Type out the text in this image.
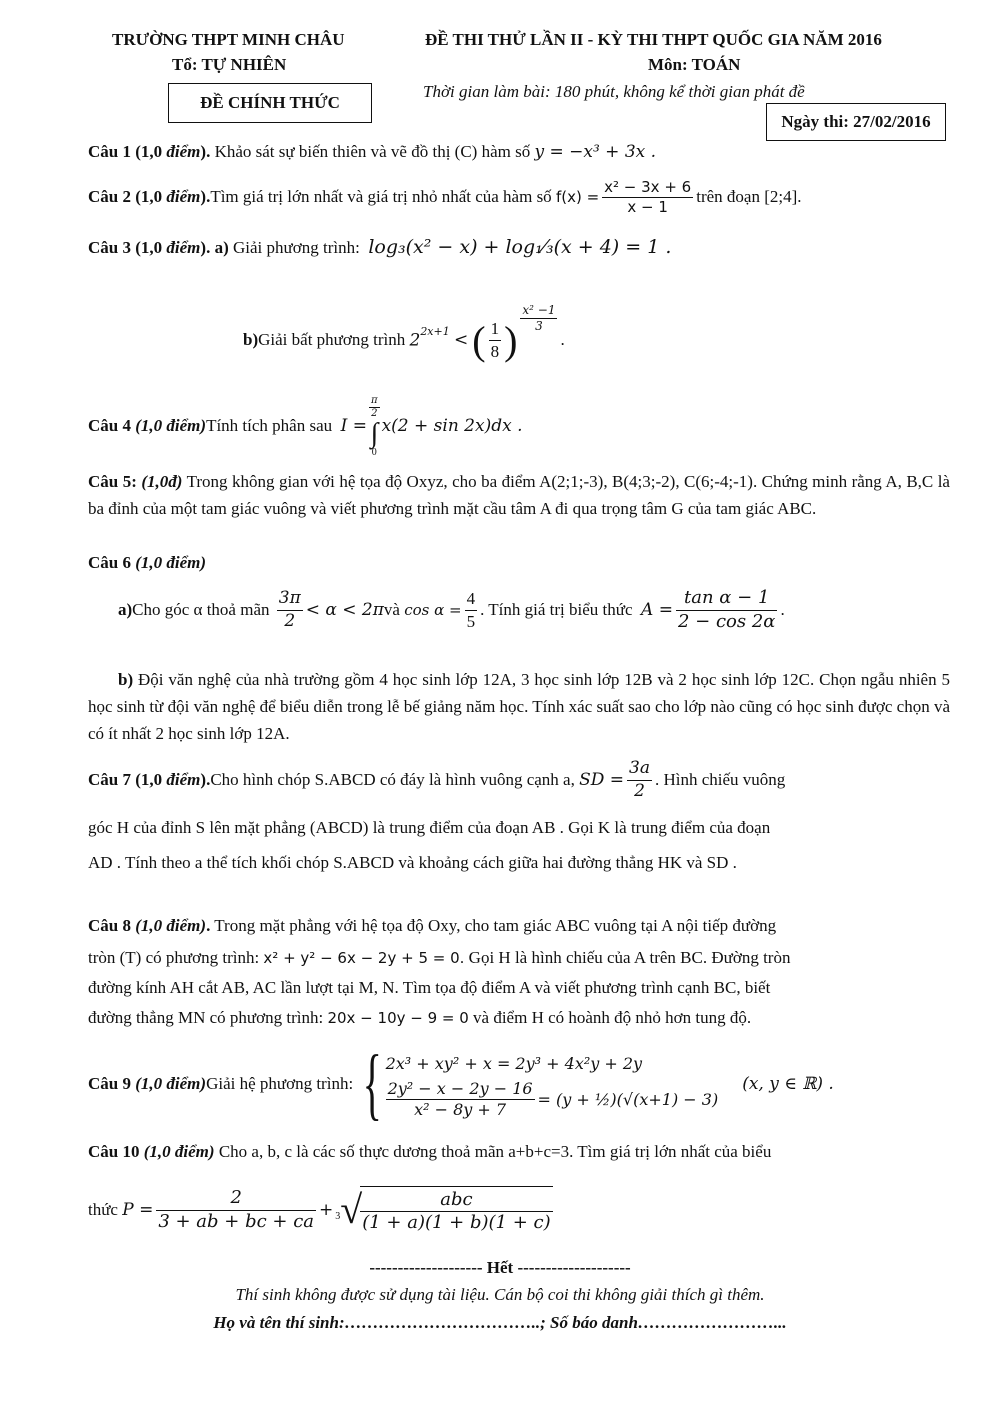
TRƯỜNG THPT MINH CHÂU
Tổ: TỰ NHIÊN
ĐỀ CHÍNH THỨC
ĐỀ THI THỬ LẦN II - KỲ THI THPT QUỐC GIA NĂM 2016
Môn: TOÁN
Thời gian làm bài: 180 phút, không kể thời gian phát đề
Ngày thi: 27/02/2016
Câu 1 (1,0 điểm). Khảo sát sự biến thiên và vẽ đồ thị (C) hàm số y = −x³ + 3x .
Câu 2 (1,0
điểm ). Tìm giá trị lớn nhất và giá trị nhỏ nhất của hàm số
$f(x) = \frac{\text{x² − 3x + 6}}{x - 1}$ trên đoạn
[2;4].
Câu 3 (1,0 điểm). a) Giải phương trình: log₃(x² − x) + log₁⁄₃(x + 4) = 1 .
b) Giải bất phương trình
$2^{2x+1}$
< ( $\frac{1}{8}$ ) $\frac{\text{x² −1}}{3}$
.
Câu 4
(1,0 điểm) Tính tích phân sau
I =
$\frac{\pi}{2}$
∫
0
x(2 + sin 2x)dx .
Câu 5: (1,0đ) Trong không gian với hệ tọa độ Oxyz, cho ba điểm A(2;1;-3), B(4;3;-2), C(6;-4;-1). Chứng minh rằng A, B,C là ba đỉnh của một tam giác vuông và viết phương trình mặt cầu tâm A đi qua trọng tâm G của tam giác ABC.
Câu 6 (1,0 điểm)
a) Cho góc α thoả mãn
$\frac{3\pi}{2} < \alpha < 2\pi$ và
$\cos \alpha = \frac{4}{5}$ . Tính giá trị biểu thức
$A = \frac{\text{tan α − 1}}{2 - \cos 2\alpha}$ .
b) Đội văn nghệ của nhà trường gồm 4 học sinh lớp 12A, 3 học sinh lớp 12B và 2 học sinh lớp 12C. Chọn ngẫu nhiên 5 học sinh từ đội văn nghệ để biểu diễn trong lễ bế giảng năm học. Tính xác suất sao cho lớp nào cũng có học sinh được chọn và có ít nhất 2 học sinh lớp 12A.
Câu 7 (1,0
điểm ). Cho hình chóp S.ABCD có đáy là hình vuông cạnh a,
SD = $\frac{3a}{2}$ . Hình chiếu vuông
góc H của đỉnh S lên mặt phẳng (ABCD) là trung điểm của đoạn AB . Gọi K là trung điểm của đoạn
AD . Tính theo a thể tích khối chóp S.ABCD và khoảng cách giữa hai đường thẳng HK và SD .
Câu 8 (1,0 điểm). Trong mặt phẳng với hệ tọa độ Oxy, cho tam giác ABC vuông tại A nội tiếp đường
tròn (T) có phương trình: x² + y² − 6x − 2y + 5 = 0. Gọi H là hình chiếu của A trên BC. Đường tròn
đường kính AH cắt AB, AC lần lượt tại M, N. Tìm tọa độ điểm A và viết phương trình cạnh BC, biết
đường thẳng MN có phương trình: 20x − 10y − 9 = 0 và điểm H có hoành độ nhỏ hơn tung độ.
Câu 9
(1,0 điểm) Giải hệ phương trình: { 2x³ + xy² + x = 2y³ + 4x²y + 2y
$\frac{\text{2y² − x − 2y − 16}}{\text{x² − 8y + 7}} = (y$ + ½)(√(x+1) − 3)
(x, y ∈ ℝ) .
Câu 10 (1,0 điểm) Cho a, b, c là các số thực dương thoả mãn a+b+c=3. Tìm giá trị lớn nhất của biểu
thức
$P = \frac{2}{3 + ab + bc + ca} + 3$ √
$\frac{\text{abc}}{(1 + a)(1 + b)(1 + c)}$
-------------------- Hết --------------------
Thí sinh không được sử dụng tài liệu. Cán bộ coi thi không giải thích gì thêm.
Họ và tên thí sinh:……………………………..; Số báo danh……………………...
